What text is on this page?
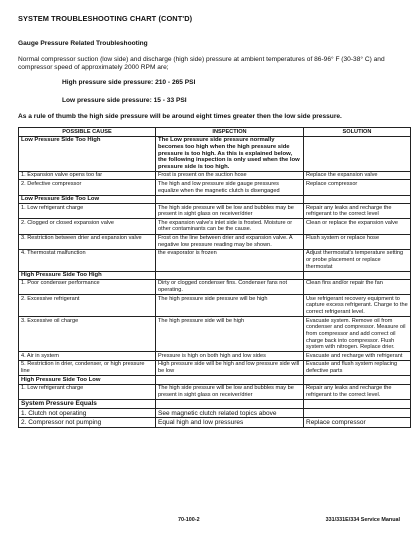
SYSTEM TROUBLESHOOTING CHART (CONT'D)
Gauge Pressure Related Troubleshooting
Normal compressor suction (low side) and discharge (high side) pressure at ambient temperatures of 86-96° F (30-38° C) and compressor speed of approximately 2000 RPM are;
High pressure side pressure: 210 - 265 PSI
Low pressure side pressure: 15 - 33 PSI
As a rule of thumb the high side pressure will be around eight times greater then the low side pressure.
POSSIBLE CAUSE	INSPECTION	SOLUTION
Low Pressure Side Too High	The Low pressure side pressure normally becomes too high when the high pressure side pressure is too high. As this is explained below, the following inspection is only used when the low pressure side is too high.	
1. Expansion valve opens too far	Frost is present on the suction hose	Replace the expansion valve
2. Defective compressor	The high and low pressure side gauge pressures equalize when the magnetic clutch is disengaged	Replace compressor
Low Pressure Side Too Low		
1. Low refrigerant charge	The high side pressure will be low and bubbles may be present in sight glass on receiver/drier	Repair any leaks and recharge the refrigerant to the correct level
2. Clogged or closed expansion valve	The expansion valve's inlet side is frosted. Moisture or other contaminants can be the cause.	Clean or replace the expansion valve
3. Restriction between drier and expansion valve	Frost on the line between drier and expansion valve. A negative low pressure reading may be shown.	Flush system or replace hose
4. Thermostat malfunction	the evaporator is frozen	Adjust thermostat's temperature setting or probe placement or replace thermostat
High Pressure Side Too High		
1. Poor condenser performance	Dirty or clogged condenser fins. Condenser fans not operating.	Clean fins and/or repair the fan
2. Excessive refrigerant	The high pressure side pressure will be high	Use refrigerant recovery equipment to capture excess refrigerant. Charge to the correct refrigerant level.
3. Excessive oil charge	The high pressure side will be high	Evacuate system. Remove oil from condenser and compressor. Measure oil from compressor and add correct oil charge back into compressor. Flush system with nitrogen. Replace drier.
4. Air in system	Pressure is high on both high and low sides	Evacuate and recharge with refrigerant
5. Restriction in drier, condenser, or high pressure line	High pressure side will be high and low pressure side will be low	Evacuate and flush system replacing defective parts
High Pressure Side Too Low		
1. Low refrigerant charge	The high side pressure will be low and bubbles may be present in sight glass on receiver/drier	Repair any leaks and recharge the refrigerant to the correct level.
System Pressure Equals		
1. Clutch not operating	See magnetic clutch related topics above	
2. Compressor not pumping	Equal high and low pressures	Replace compressor
70-100-2	331/331E/334 Service Manual
